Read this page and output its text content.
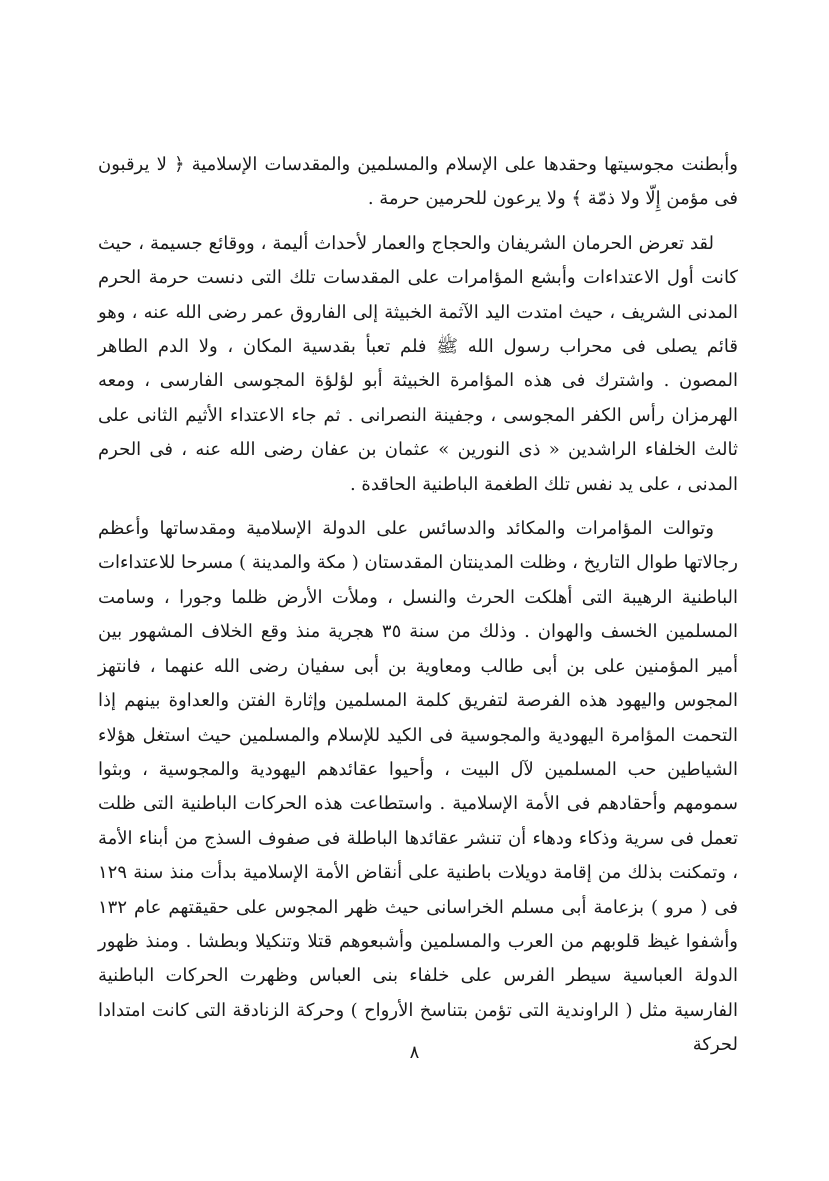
وأبطنت مجوسيتها وحقدها على الإسلام والمسلمين والمقدسات الإسلامية ﴿ لا يرقبون فى مؤمن إِلّا ولا ذمّة ﴾ ولا يرعون للحرمين حرمة .

لقد تعرض الحرمان الشريفان والحجاج والعمار لأحداث أليمة ، ووقائع جسيمة ، حيث كانت أول الاعتداءات وأبشع المؤامرات على المقدسات تلك التى دنست حرمة الحرم المدنى الشريف ، حيث امتدت اليد الآثمة الخبيثة إلى الفاروق عمر رضى الله عنه ، وهو قائم يصلى فى محراب رسول الله ﷺ فلم تعبأ بقدسية المكان ، ولا الدم الطاهر المصون . واشترك فى هذه المؤامرة الخبيثة أبو لؤلؤة المجوسى الفارسى ، ومعه الهرمزان رأس الكفر المجوسى ، وجفينة النصرانى . ثم جاء الاعتداء الأثيم الثانى على ثالث الخلفاء الراشدين « ذى النورين » عثمان بن عفان رضى الله عنه ، فى الحرم المدنى ، على يد نفس تلك الطغمة الباطنية الحاقدة .

وتوالت المؤامرات والمكائد والدسائس على الدولة الإسلامية ومقدساتها وأعظم رجالاتها طوال التاريخ ، وظلت المدينتان المقدستان ( مكة والمدينة ) مسرحا للاعتداءات الباطنية الرهيبة التى أهلكت الحرث والنسل ، وملأت الأرض ظلما وجورا ، وسامت المسلمين الخسف والهوان . وذلك من سنة ٣٥ هجرية منذ وقع الخلاف المشهور بين أمير المؤمنين على بن أبى طالب ومعاوية بن أبى سفيان رضى الله عنهما ، فانتهز المجوس واليهود هذه الفرصة لتفريق كلمة المسلمين وإثارة الفتن والعداوة بينهم إذا التحمت المؤامرة اليهودية والمجوسية فى الكيد للإسلام والمسلمين حيث استغل هؤلاء الشياطين حب المسلمين لآل البيت ، وأحيوا عقائدهم اليهودية والمجوسية ، وبثوا سمومهم وأحقادهم فى الأمة الإسلامية . واستطاعت هذه الحركات الباطنية التى ظلت تعمل فى سرية وذكاء ودهاء أن تنشر عقائدها الباطلة فى صفوف السذج من أبناء الأمة ، وتمكنت بذلك من إقامة دويلات باطنية على أنقاض الأمة الإسلامية بدأت منذ سنة ١٢٩ فى ( مرو ) بزعامة أبى مسلم الخراسانى حيث ظهر المجوس على حقيقتهم عام ١٣٢ وأشفوا غيظ قلوبهم من العرب والمسلمين وأشبعوهم قتلا وتنكيلا وبطشا . ومنذ ظهور الدولة العباسية سيطر الفرس على خلفاء بنى العباس وظهرت الحركات الباطنية الفارسية مثل ( الراوندية التى تؤمن بتناسخ الأرواح ) وحركة الزنادقة التى كانت امتدادا لحركة

٨
